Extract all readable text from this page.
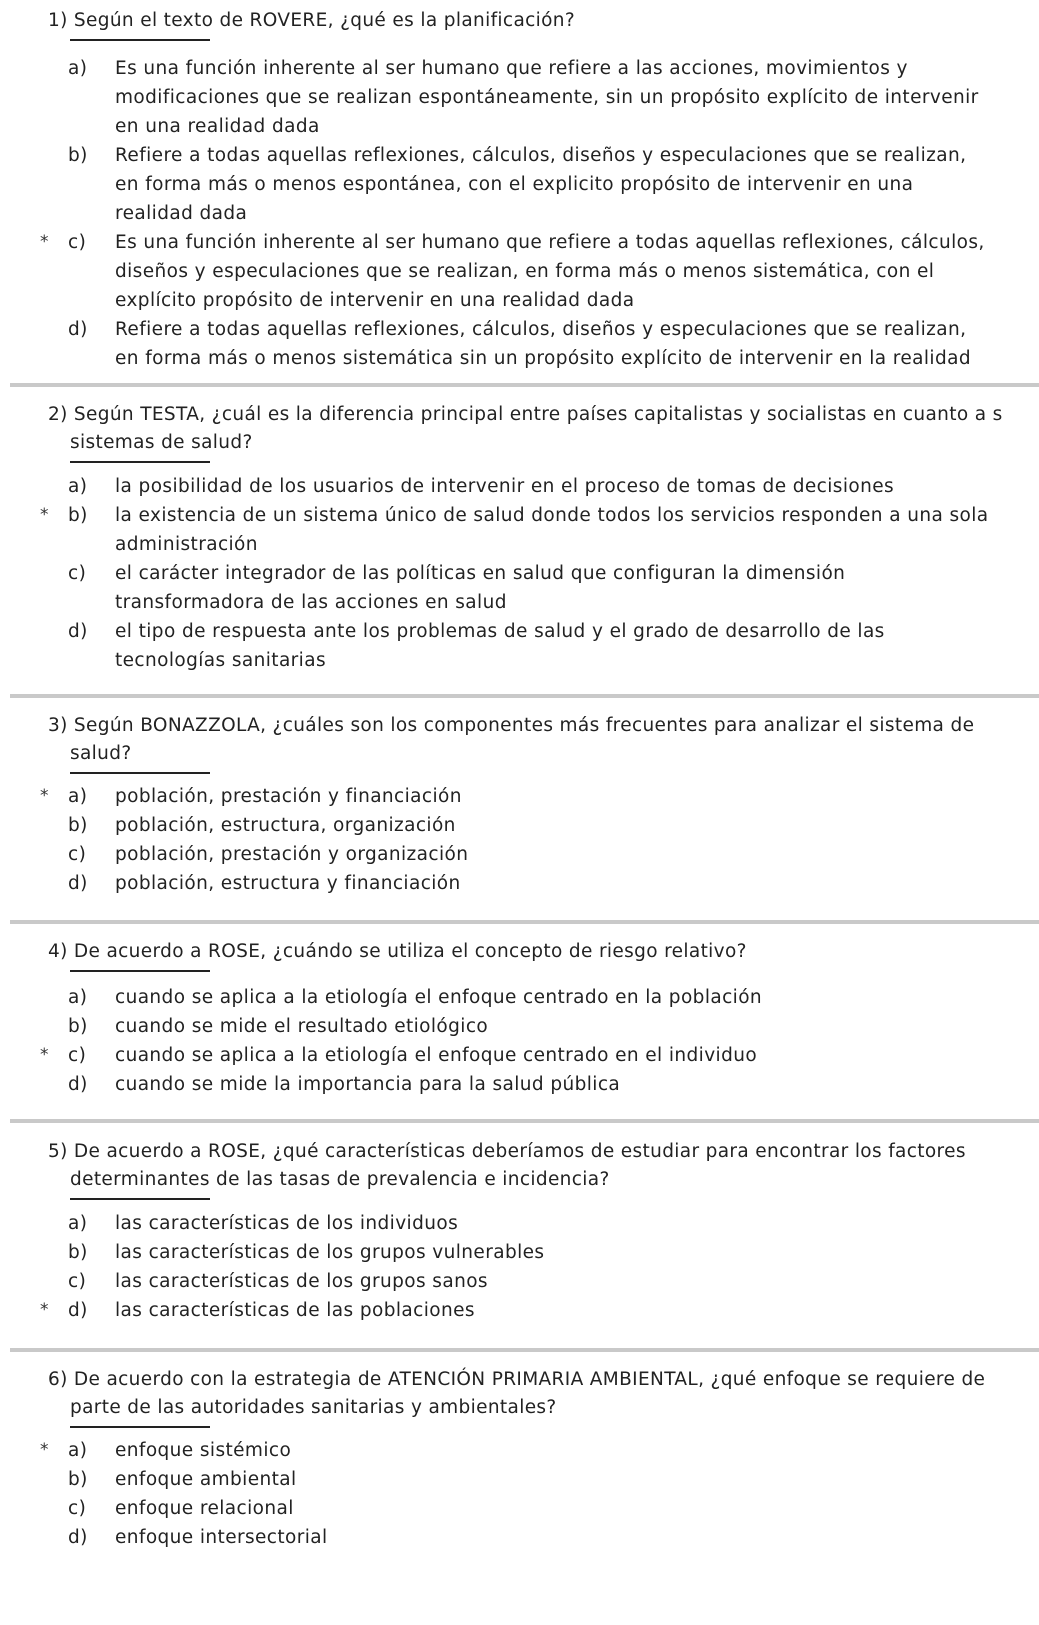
1) Según el texto de ROVERE, ¿qué es la planificación?
a) Es una función inherente al ser humano que refiere a las acciones, movimientos y
modificaciones que se realizan espontáneamente, sin un propósito explícito de intervenir
en una realidad dada
b) Refiere a todas aquellas reflexiones, cálculos, diseños y especulaciones que se realizan,
en forma más o menos espontánea, con el explicito propósito de intervenir en una
realidad dada
* c) Es una función inherente al ser humano que refiere a todas aquellas reflexiones, cálculos,
diseños y especulaciones que se realizan, en forma más o menos sistemática, con el
explícito propósito de intervenir en una realidad dada
d) Refiere a todas aquellas reflexiones, cálculos, diseños y especulaciones que se realizan,
en forma más o menos sistemática sin un propósito explícito de intervenir en la realidad
2) Según TESTA, ¿cuál es la diferencia principal entre países capitalistas y socialistas en cuanto a s
sistemas de salud?
a) la posibilidad de los usuarios de intervenir en el proceso de tomas de decisiones
* b) la existencia de un sistema único de salud donde todos los servicios responden a una sola
administración
c) el carácter integrador de las políticas en salud que configuran la dimensión
transformadora de las acciones en salud
d) el tipo de respuesta ante los problemas de salud y el grado de desarrollo de las
tecnologías sanitarias
3) Según BONAZZOLA, ¿cuáles son los componentes más frecuentes para analizar el sistema de
salud?
* a) población, prestación y financiación
b) población, estructura, organización
c) población, prestación y organización
d) población, estructura y financiación
4) De acuerdo a ROSE, ¿cuándo se utiliza el concepto de riesgo relativo?
a) cuando se aplica a la etiología el enfoque centrado en la población
b) cuando se mide el resultado etiológico
* c) cuando se aplica a la etiología el enfoque centrado en el individuo
d) cuando se mide la importancia para la salud pública
5) De acuerdo a ROSE, ¿qué características deberíamos de estudiar para encontrar los factores
determinantes de las tasas de prevalencia e incidencia?
a) las características de los individuos
b) las características de los grupos vulnerables
c) las características de los grupos sanos
* d) las características de las poblaciones
6) De acuerdo con la estrategia de ATENCIÓN PRIMARIA AMBIENTAL, ¿qué enfoque se requiere de
parte de las autoridades sanitarias y ambientales?
* a) enfoque sistémico
b) enfoque ambiental
c) enfoque relacional
d) enfoque intersectorial
